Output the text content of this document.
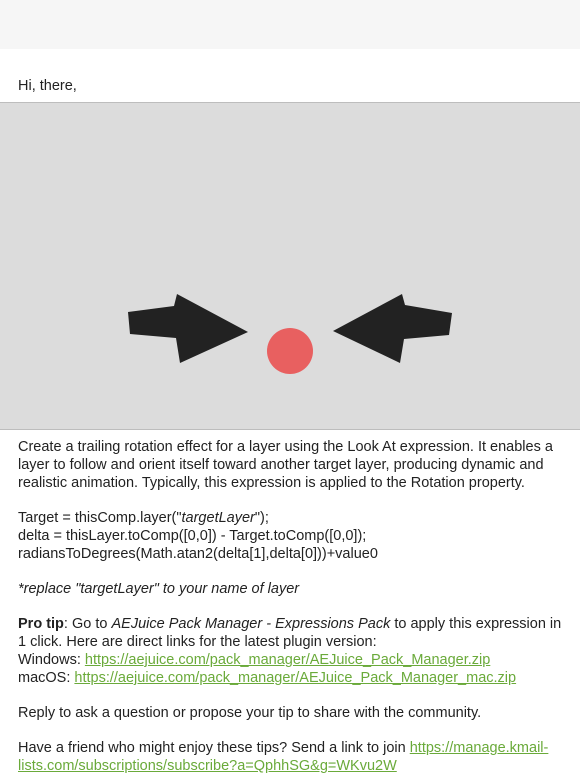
Hi, there,

Create a trailing rotation effect for a layer using the Look At expression. It enables a layer to follow and orient itself toward another target layer, producing dynamic and realistic animation. Typically, this expression is applied to the Rotation property.

Target = thisComp.layer("targetLayer");
delta = thisLayer.toComp([0,0]) - Target.toComp([0,0]);
radiansToDegrees(Math.atan2(delta[1],delta[0]))+value0

*replace "targetLayer" to your name of layer

Pro tip: Go to AEJuice Pack Manager - Expressions Pack to apply this expression in 1 click. Here are direct links for the latest plugin version:
Windows: https://aejuice.com/pack_manager/AEJuice_Pack_Manager.zip
macOS: https://aejuice.com/pack_manager/AEJuice_Pack_Manager_mac.zip

Reply to ask a question or propose your tip to share with the community.

Have a friend who might enjoy these tips? Send a link to join https://manage.kmail-lists.com/subscriptions/subscribe?a=QphhSG&g=WKvu2W
